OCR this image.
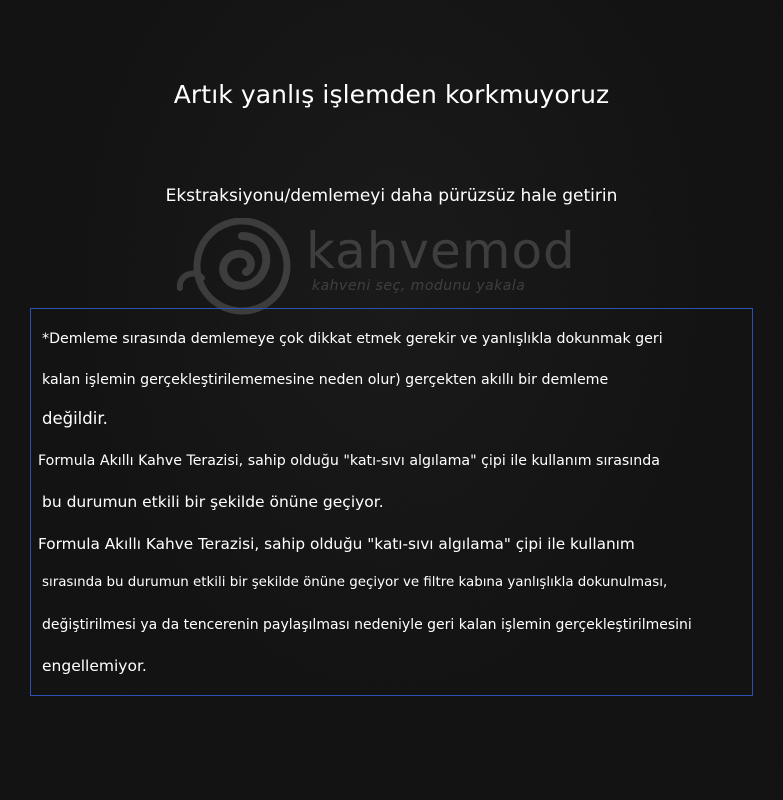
Artık yanlış işlemden korkmuyoruz
kahvemod
kahveni seç, modunu yakala
Ekstraksiyonu/demlemeyi daha pürüzsüz hale getirin
*Demleme sırasında demlemeye çok dikkat etmek gerekir ve yanlışlıkla dokunmak geri
kalan işlemin gerçekleştirilememesine neden olur) gerçekten akıllı bir demleme
değildir.
Formula Akıllı Kahve Terazisi, sahip olduğu "katı-sıvı algılama" çipi ile kullanım sırasında
bu durumun etkili bir şekilde önüne geçiyor.
Formula Akıllı Kahve Terazisi, sahip olduğu "katı-sıvı algılama" çipi ile kullanım
sırasında bu durumun etkili bir şekilde önüne geçiyor ve filtre kabına yanlışlıkla dokunulması,
değiştirilmesi ya da tencerenin paylaşılması nedeniyle geri kalan işlemin gerçekleştirilmesini
engellemiyor.
